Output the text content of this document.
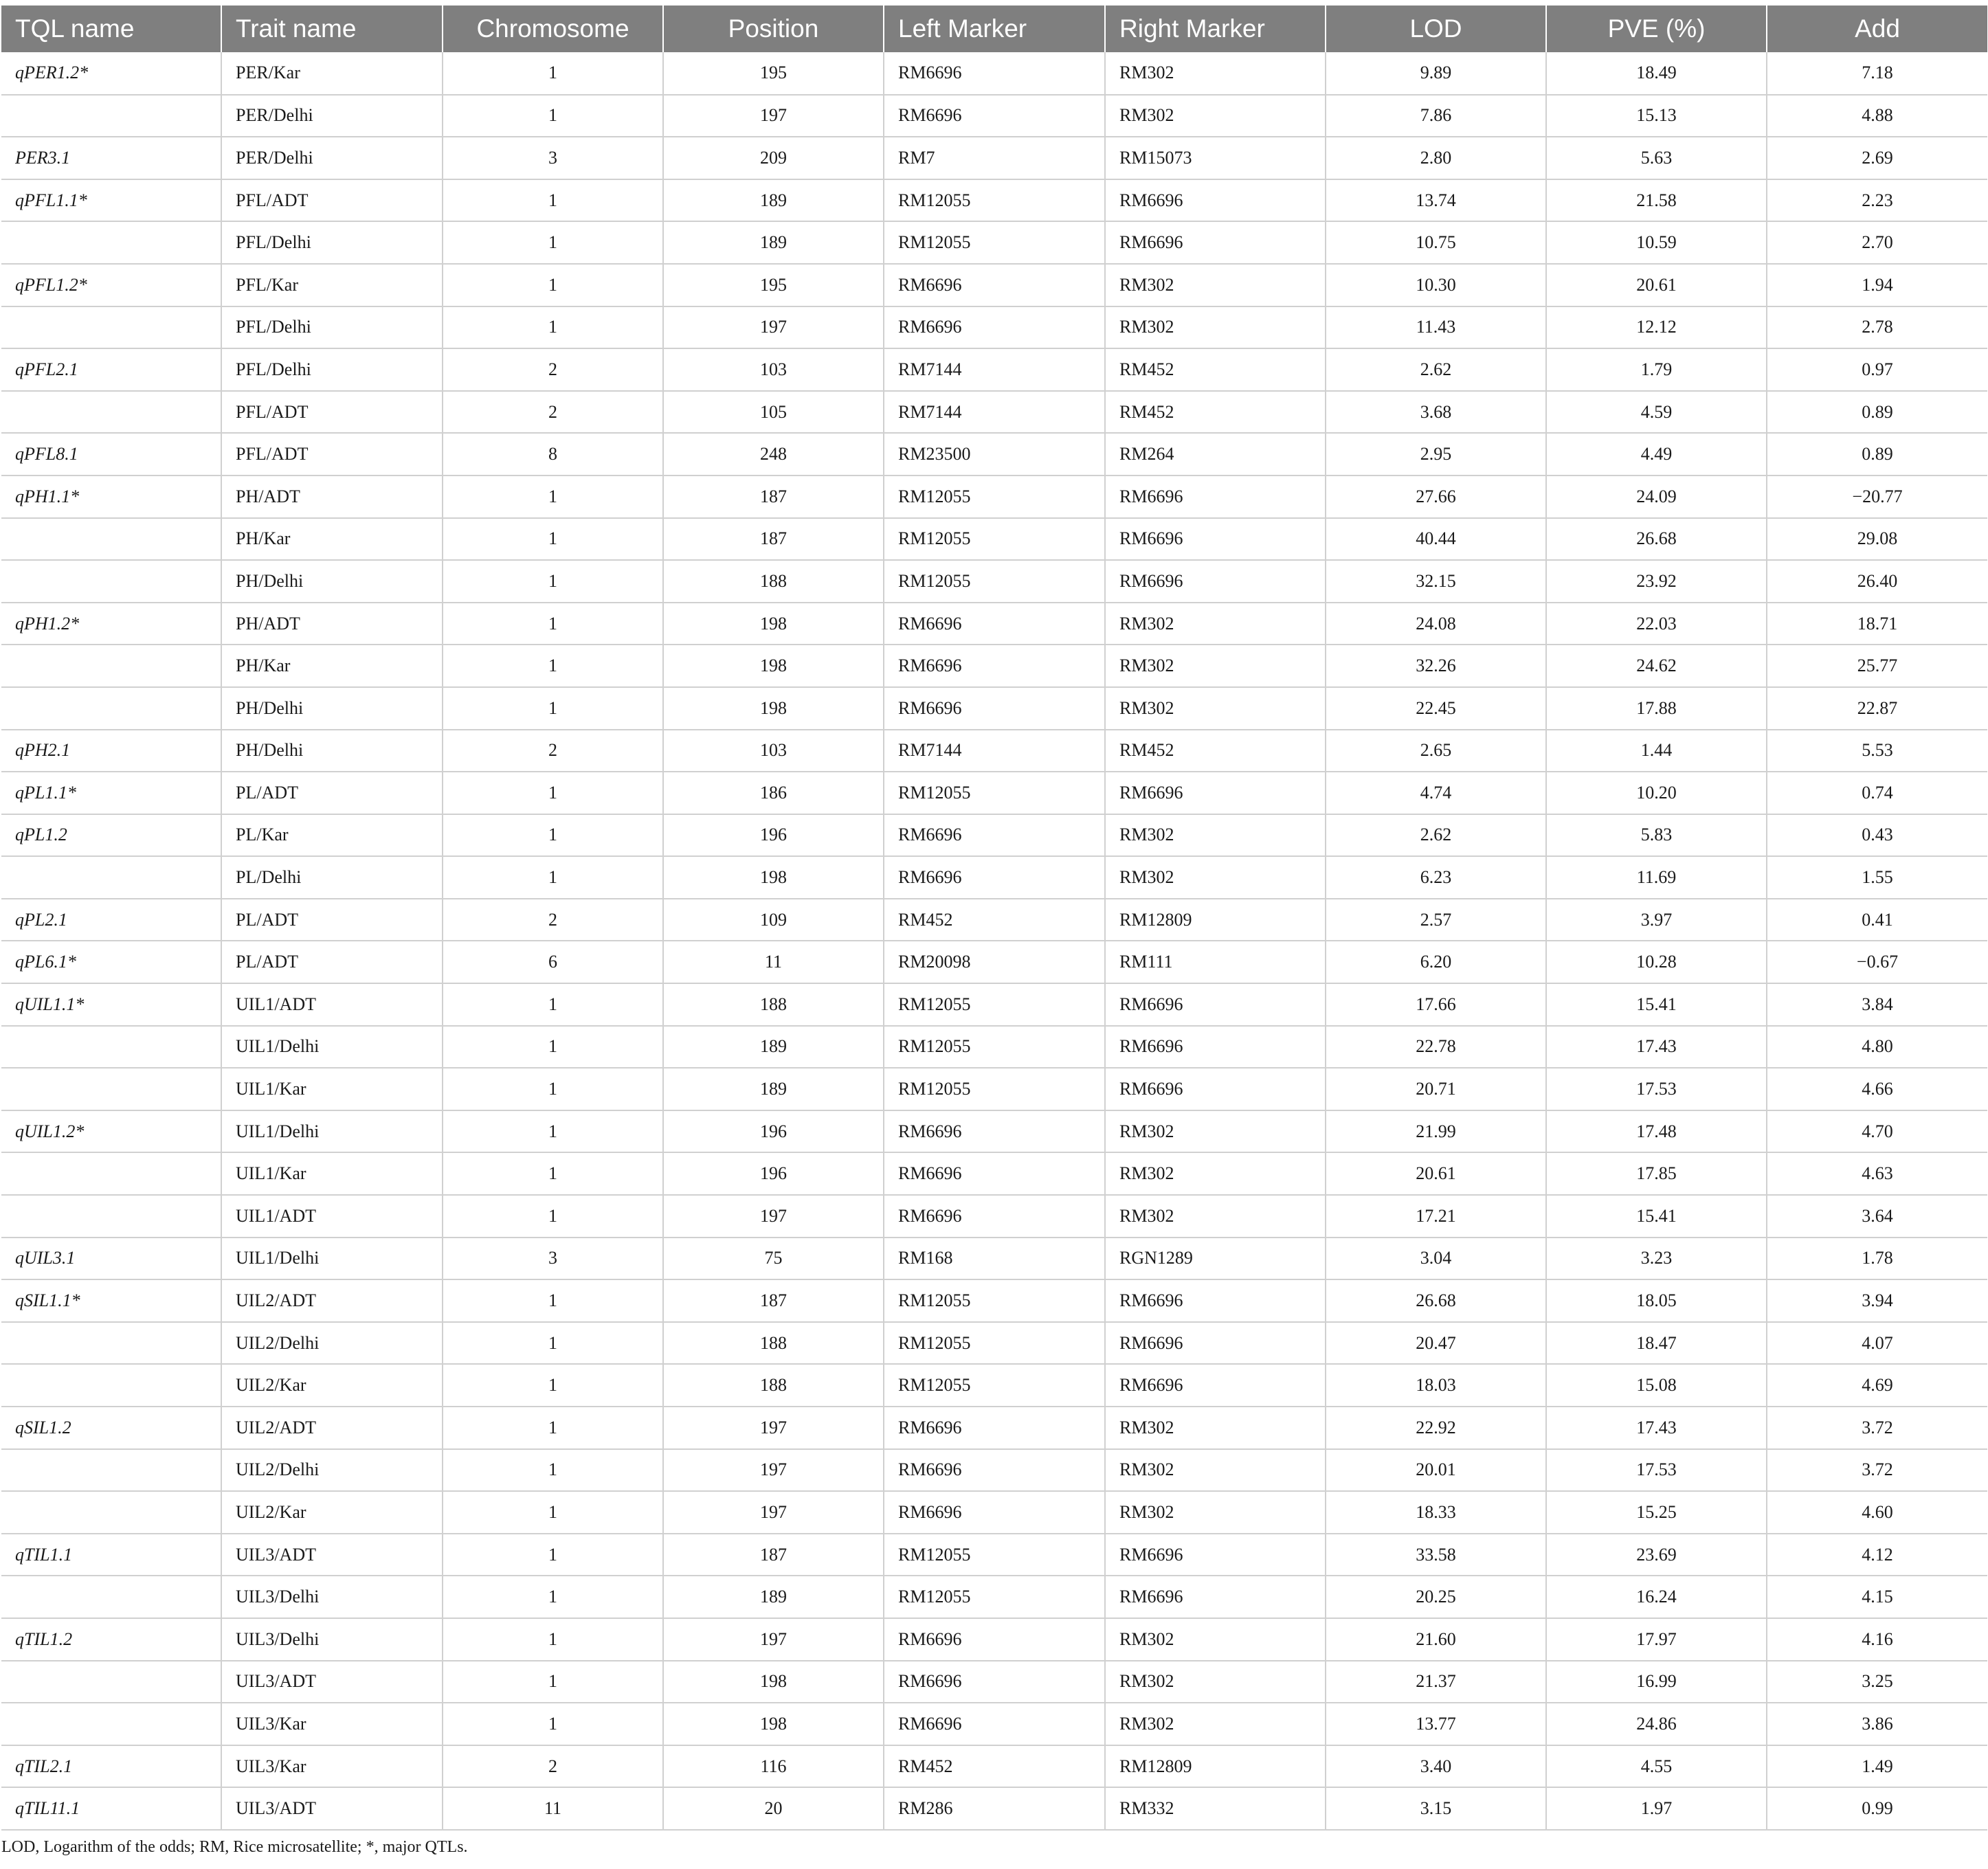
TQL name	Trait name	Chromosome	Position	Left Marker	Right Marker	LOD	PVE (%)	Add
qPER1.2*	PER/Kar	1	195	RM6696	RM302	9.89	18.49	7.18
	PER/Delhi	1	197	RM6696	RM302	7.86	15.13	4.88
PER3.1	PER/Delhi	3	209	RM7	RM15073	2.80	5.63	2.69
qPFL1.1*	PFL/ADT	1	189	RM12055	RM6696	13.74	21.58	2.23
	PFL/Delhi	1	189	RM12055	RM6696	10.75	10.59	2.70
qPFL1.2*	PFL/Kar	1	195	RM6696	RM302	10.30	20.61	1.94
	PFL/Delhi	1	197	RM6696	RM302	11.43	12.12	2.78
qPFL2.1	PFL/Delhi	2	103	RM7144	RM452	2.62	1.79	0.97
	PFL/ADT	2	105	RM7144	RM452	3.68	4.59	0.89
qPFL8.1	PFL/ADT	8	248	RM23500	RM264	2.95	4.49	0.89
qPH1.1*	PH/ADT	1	187	RM12055	RM6696	27.66	24.09	−20.77
	PH/Kar	1	187	RM12055	RM6696	40.44	26.68	29.08
	PH/Delhi	1	188	RM12055	RM6696	32.15	23.92	26.40
qPH1.2*	PH/ADT	1	198	RM6696	RM302	24.08	22.03	18.71
	PH/Kar	1	198	RM6696	RM302	32.26	24.62	25.77
	PH/Delhi	1	198	RM6696	RM302	22.45	17.88	22.87
qPH2.1	PH/Delhi	2	103	RM7144	RM452	2.65	1.44	5.53
qPL1.1*	PL/ADT	1	186	RM12055	RM6696	4.74	10.20	0.74
qPL1.2	PL/Kar	1	196	RM6696	RM302	2.62	5.83	0.43
	PL/Delhi	1	198	RM6696	RM302	6.23	11.69	1.55
qPL2.1	PL/ADT	2	109	RM452	RM12809	2.57	3.97	0.41
qPL6.1*	PL/ADT	6	11	RM20098	RM111	6.20	10.28	−0.67
qUIL1.1*	UIL1/ADT	1	188	RM12055	RM6696	17.66	15.41	3.84
	UIL1/Delhi	1	189	RM12055	RM6696	22.78	17.43	4.80
	UIL1/Kar	1	189	RM12055	RM6696	20.71	17.53	4.66
qUIL1.2*	UIL1/Delhi	1	196	RM6696	RM302	21.99	17.48	4.70
	UIL1/Kar	1	196	RM6696	RM302	20.61	17.85	4.63
	UIL1/ADT	1	197	RM6696	RM302	17.21	15.41	3.64
qUIL3.1	UIL1/Delhi	3	75	RM168	RGN1289	3.04	3.23	1.78
qSIL1.1*	UIL2/ADT	1	187	RM12055	RM6696	26.68	18.05	3.94
	UIL2/Delhi	1	188	RM12055	RM6696	20.47	18.47	4.07
	UIL2/Kar	1	188	RM12055	RM6696	18.03	15.08	4.69
qSIL1.2	UIL2/ADT	1	197	RM6696	RM302	22.92	17.43	3.72
	UIL2/Delhi	1	197	RM6696	RM302	20.01	17.53	3.72
	UIL2/Kar	1	197	RM6696	RM302	18.33	15.25	4.60
qTIL1.1	UIL3/ADT	1	187	RM12055	RM6696	33.58	23.69	4.12
	UIL3/Delhi	1	189	RM12055	RM6696	20.25	16.24	4.15
qTIL1.2	UIL3/Delhi	1	197	RM6696	RM302	21.60	17.97	4.16
	UIL3/ADT	1	198	RM6696	RM302	21.37	16.99	3.25
	UIL3/Kar	1	198	RM6696	RM302	13.77	24.86	3.86
qTIL2.1	UIL3/Kar	2	116	RM452	RM12809	3.40	4.55	1.49
qTIL11.1	UIL3/ADT	11	20	RM286	RM332	3.15	1.97	0.99

LOD, Logarithm of the odds; RM, Rice microsatellite; *, major QTLs.
